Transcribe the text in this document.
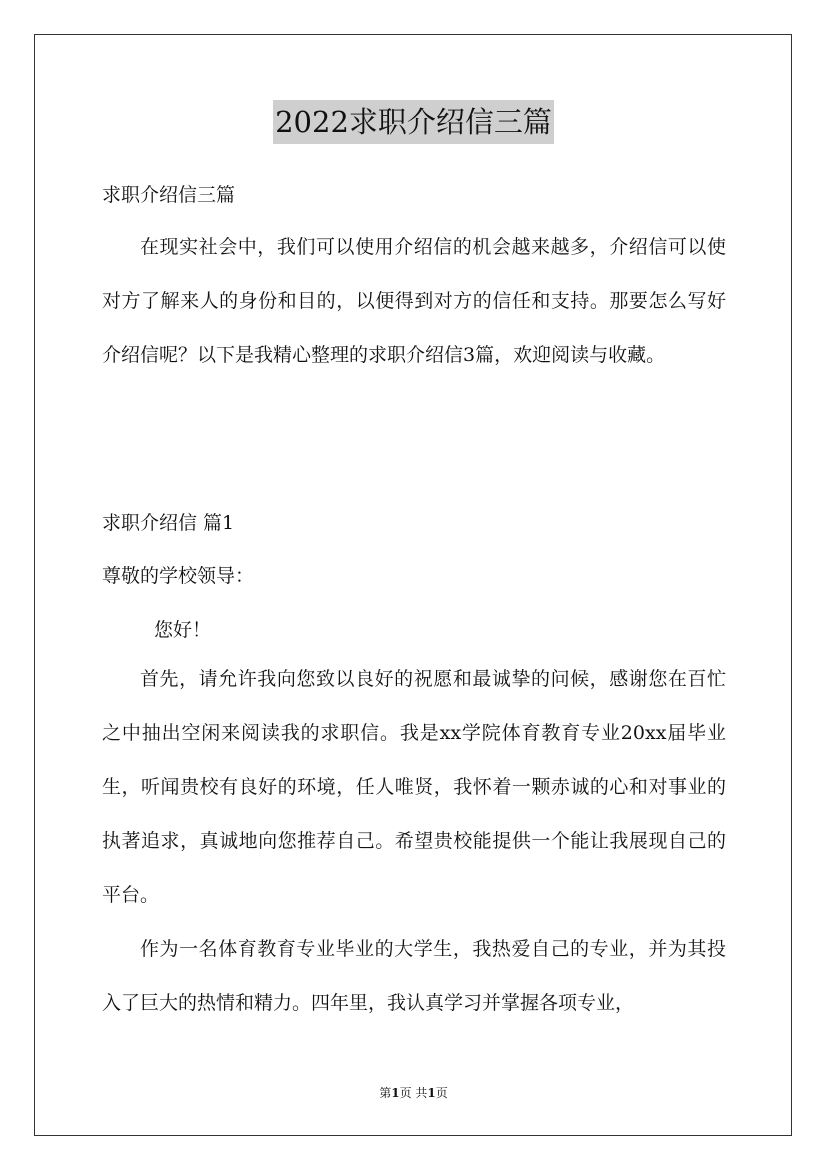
2022求职介绍信三篇
求职介绍信三篇

在现实社会中，我们可以使用介绍信的机会越来越多，介绍信可以使对方了解来人的身份和目的，以便得到对方的信任和支持。那要怎么写好介绍信呢？以下是我精心整理的求职介绍信3篇，欢迎阅读与收藏。

求职介绍信 篇1
尊敬的学校领导：
您好！

首先，请允许我向您致以良好的祝愿和最诚挚的问候，感谢您在百忙之中抽出空闲来阅读我的求职信。我是xx学院体育教育专业20xx届毕业生，听闻贵校有良好的环境，任人唯贤，我怀着一颗赤诚的心和对事业的执著追求，真诚地向您推荐自己。希望贵校能提供一个能让我展现自己的平台。

作为一名体育教育专业毕业的大学生，我热爱自己的专业，并为其投入了巨大的热情和精力。四年里，我认真学习并掌握各项专业，

第1页 共1页
